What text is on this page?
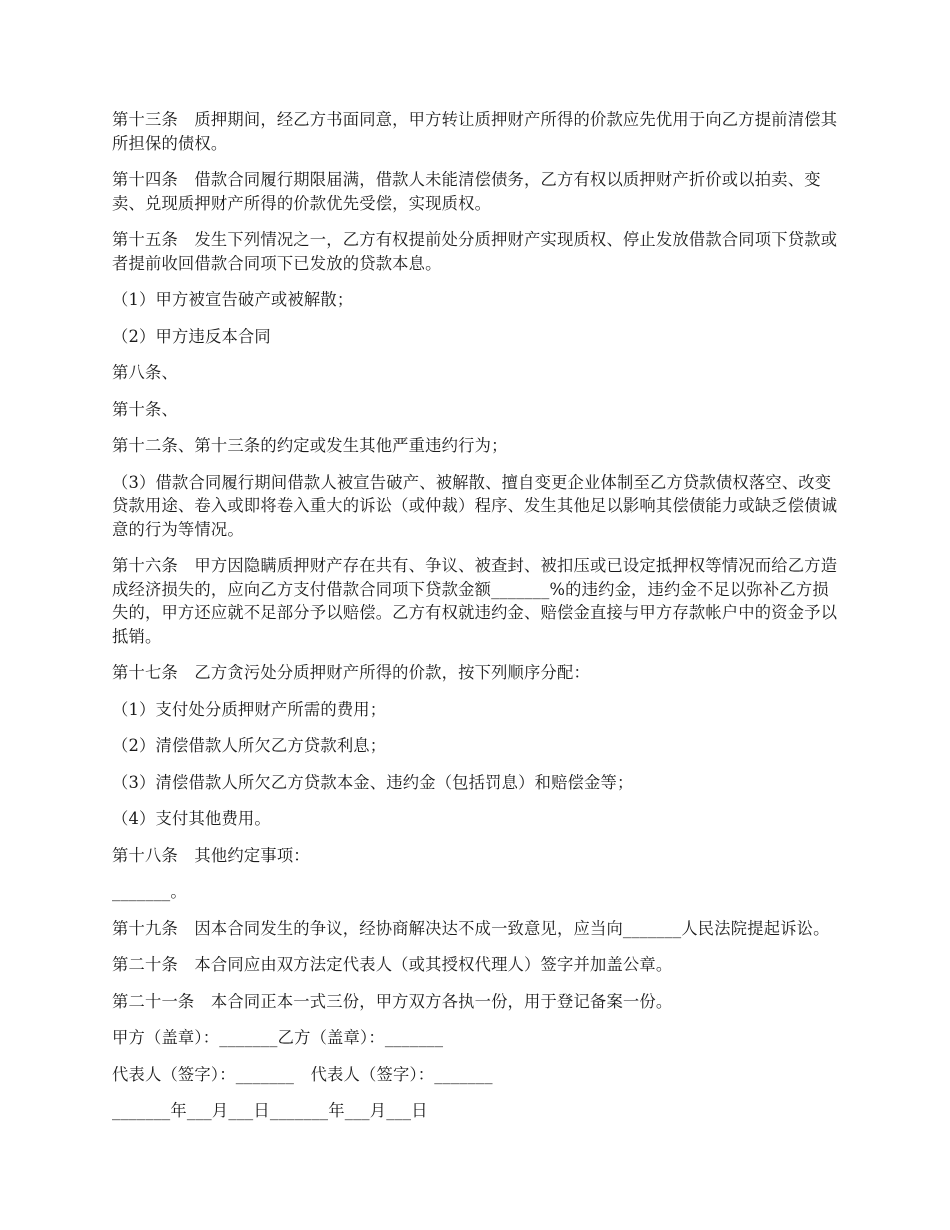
第十三条　质押期间，经乙方书面同意，甲方转让质押财产所得的价款应先优用于向乙方提前清偿其所担保的债权。

第十四条　借款合同履行期限届满，借款人未能清偿债务，乙方有权以质押财产折价或以拍卖、变卖、兑现质押财产所得的价款优先受偿，实现质权。

第十五条　发生下列情况之一，乙方有权提前处分质押财产实现质权、停止发放借款合同项下贷款或者提前收回借款合同项下已发放的贷款本息。

（1）甲方被宣告破产或被解散；

（2）甲方违反本合同

第八条、

第十条、

第十二条、第十三条的约定或发生其他严重违约行为；

（3）借款合同履行期间借款人被宣告破产、被解散、擅自变更企业体制至乙方贷款债权落空、改变贷款用途、卷入或即将卷入重大的诉讼（或仲裁）程序、发生其他足以影响其偿债能力或缺乏偿债诚意的行为等情况。

第十六条　甲方因隐瞒质押财产存在共有、争议、被查封、被扣压或已设定抵押权等情况而给乙方造成经济损失的，应向乙方支付借款合同项下贷款金额_______%的违约金，违约金不足以弥补乙方损失的，甲方还应就不足部分予以赔偿。乙方有权就违约金、赔偿金直接与甲方存款帐户中的资金予以抵销。

第十七条　乙方贪污处分质押财产所得的价款，按下列顺序分配：

（1）支付处分质押财产所需的费用；

（2）清偿借款人所欠乙方贷款利息；

（3）清偿借款人所欠乙方贷款本金、违约金（包括罚息）和赔偿金等；

（4）支付其他费用。

第十八条　其他约定事项：

_______。

第十九条　因本合同发生的争议，经协商解决达不成一致意见，应当向_______人民法院提起诉讼。

第二十条　本合同应由双方法定代表人（或其授权代理人）签字并加盖公章。

第二十一条　本合同正本一式三份，甲方双方各执一份，用于登记备案一份。

甲方（盖章）：_______乙方（盖章）：_______

代表人（签字）：_______　代表人（签字）：_______

_______年___月___日_______年___月___日
